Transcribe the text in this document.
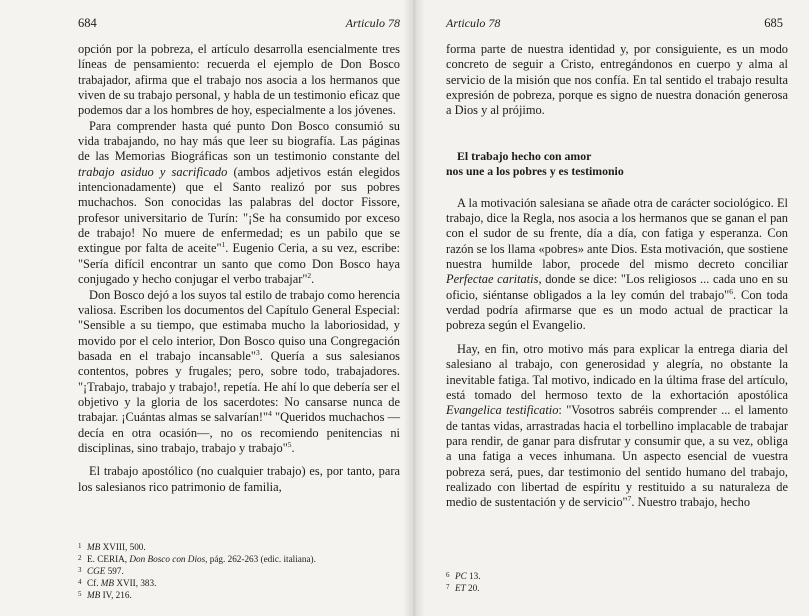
684	Articulo 78

opción por la pobreza, el artículo desarrolla esencialmente tres líneas de pensamiento: recuerda el ejemplo de Don Bosco trabajador, afirma que el trabajo nos asocia a los hermanos que viven de su trabajo personal, y habla de un testimonio eficaz que podemos dar a los hombres de hoy, especialmente a los jóvenes.

Para comprender hasta qué punto Don Bosco consumió su vida trabajando, no hay más que leer su biografía. Las páginas de las Memorias Biográficas son un testimonio constante del trabajo asiduo y sacrificado (ambos adjetivos están elegidos intencionadamente) que el Santo realizó por sus pobres muchachos. Son conocidas las palabras del doctor Fissore, profesor universitario de Turín: "¡Se ha consumido por exceso de trabajo! No muere de enfermedad; es un pabilo que se extingue por falta de aceite"$^1$. Eugenio Ceria, a su vez, escribe: "Sería difícil encontrar un santo que como Don Bosco haya conjugado y hecho conjugar el verbo trabajar"$^2$.

Don Bosco dejó a los suyos tal estilo de trabajo como herencia valiosa. Escriben los documentos del Capítulo General Especial: "Sensible a su tiempo, que estimaba mucho la laboriosidad, y movido por el celo interior, Don Bosco quiso una Congregación basada en el trabajo incansable"$^3$. Quería a sus salesianos contentos, pobres y frugales; pero, sobre todo, trabajadores. "¡Trabajo, trabajo y trabajo!, repetía. He ahí lo que debería ser el objetivo y la gloria de los sacerdotes: No cansarse nunca de trabajar. ¡Cuántas almas se salvarían!"$^4$ "Queridos muchachos —decía en otra ocasión—, no os recomiendo penitencias ni disciplinas, sino trabajo, trabajo y trabajo"$^5$.

El trabajo apostólico (no cualquier trabajo) es, por tanto, para los salesianos rico patrimonio de familia,

1 MB XVIII, 500.
2 E. CERIA, Don Bosco con Dios, pág. 262-263 (edic. italiana).
3 CGE 597.
4 Cf. MB XVII, 383.
5 MB IV, 216.
Articulo 78	685

forma parte de nuestra identidad y, por consiguiente, es un modo concreto de seguir a Cristo, entregándonos en cuerpo y alma al servicio de la misión que nos confía. En tal sentido el trabajo resulta expresión de pobreza, porque es signo de nuestra donación generosa a Dios y al prójimo.

El trabajo hecho con amor
nos une a los pobres y es testimonio

A la motivación salesiana se añade otra de carácter sociológico. El trabajo, dice la Regla, nos asocia a los hermanos que se ganan el pan con el sudor de su frente, día a día, con fatiga y esperanza. Con razón se los llama «pobres» ante Dios. Esta motivación, que sostiene nuestra humilde labor, procede del mismo decreto conciliar Perfectae caritatis, donde se dice: "Los religiosos ... cada uno en su oficio, siéntanse obligados a la ley común del trabajo"$^6$. Con toda verdad podría afirmarse que es un modo actual de practicar la pobreza según el Evangelio.

Hay, en fin, otro motivo más para explicar la entrega diaria del salesiano al trabajo, con generosidad y alegría, no obstante la inevitable fatiga. Tal motivo, indicado en la última frase del artículo, está tomado del hermoso texto de la exhortación apostólica Evangelica testificatio: "Vosotros sabréis comprender ... el lamento de tantas vidas, arrastradas hacia el torbellino implacable de trabajar para rendir, de ganar para disfrutar y consumir que, a su vez, obliga a una fatiga a veces inhumana. Un aspecto esencial de vuestra pobreza será, pues, dar testimonio del sentido humano del trabajo, realizado con libertad de espíritu y restituido a su naturaleza de medio de sustentación y de servicio"$^7$. Nuestro trabajo, hecho

6 PC 13.
7 ET 20.
